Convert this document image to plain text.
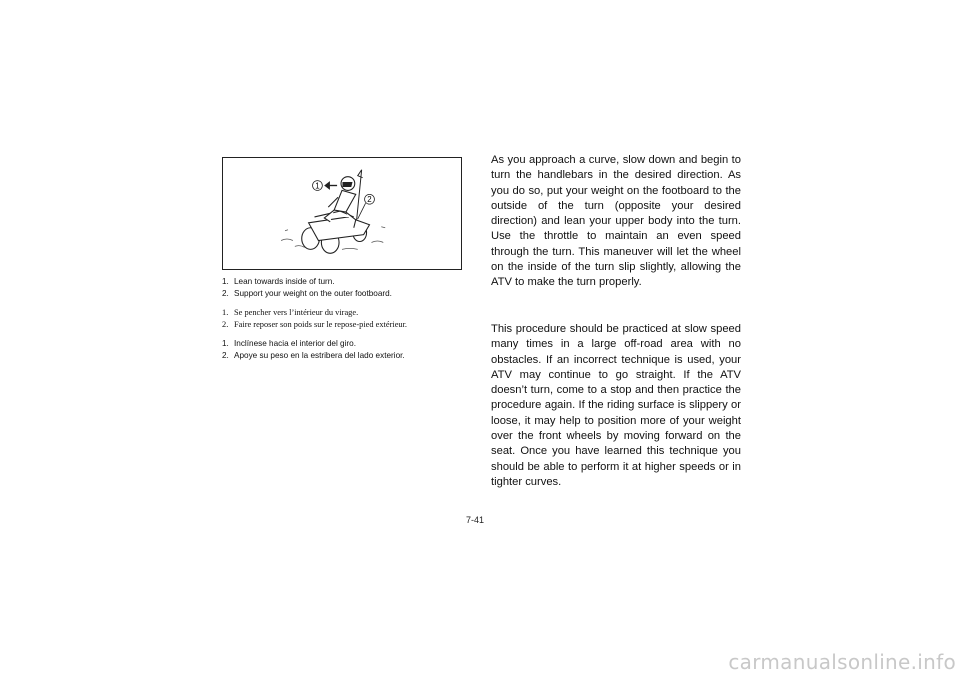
1
2
1. Lean towards inside of turn.
2. Support your weight on the outer footboard.
1. Se pencher vers l’intérieur du virage.
2. Faire reposer son poids sur le repose-pied extérieur.
1. Inclínese hacia el interior del giro.
2. Apoye su peso en la estribera del lado exterior.
As you approach a curve, slow down and begin to turn the handlebars in the desired direction. As you do so, put your weight on the footboard to the outside of the turn (opposite your desired direction) and lean your upper body into the turn. Use the throttle to maintain an even speed through the turn. This maneuver will let the wheel on the inside of the turn slip slightly, allowing the ATV to make the turn properly.
This procedure should be practiced at slow speed many times in a large off-road area with no obstacles. If an incorrect technique is used, your ATV may continue to go straight. If the ATV doesn’t turn, come to a stop and then practice the procedure again. If the riding surface is slippery or loose, it may help to position more of your weight over the front wheels by moving forward on the seat. Once you have learned this technique you should be able to perform it at higher speeds or in tighter curves.
7-41
carmanualsonline.info
